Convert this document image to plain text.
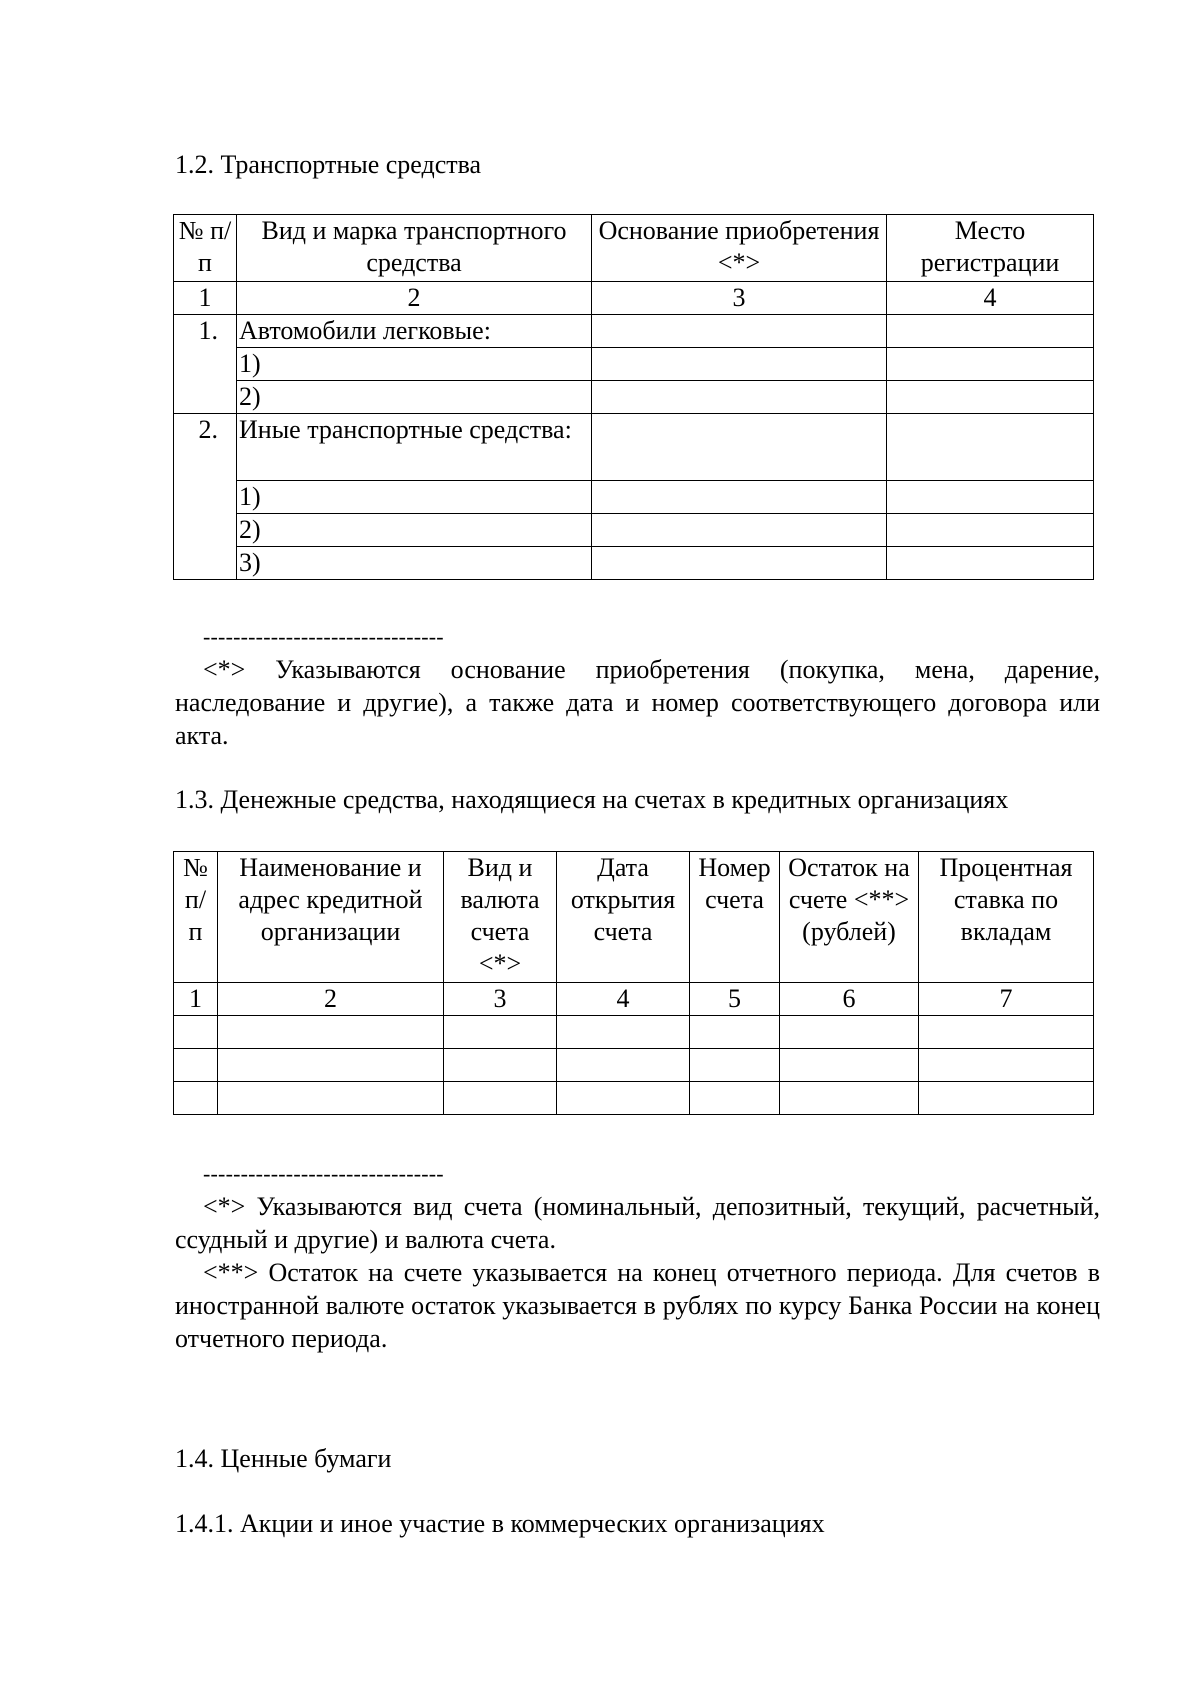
1.2. Транспортные средства
№ п/п	Вид и марка транспортного средства	Основание приобретения <*>	Место регистрации
1	2	3	4
1.	Автомобили легковые:		
	1)		
	2)		
2.	Иные транспортные средства:		
	1)		
	2)		
	3)		
--------------------------------
<*> Указываются основание приобретения (покупка, мена, дарение, наследование и другие), а также дата и номер соответствующего договора или акта.
1.3. Денежные средства, находящиеся на счетах в кредитных организациях
№ п/п	Наименование и адрес кредитной организации	Вид и валюта счета <*>	Дата открытия счета	Номер счета	Остаток на счете <**> (рублей)	Процентная ставка по вкладам
1	2	3	4	5	6	7

--------------------------------
<*> Указываются вид счета (номинальный, депозитный, текущий, расчетный, ссудный и другие) и валюта счета.
<**> Остаток на счете указывается на конец отчетного периода. Для счетов в иностранной валюте остаток указывается в рублях по курсу Банка России на конец отчетного периода.
1.4. Ценные бумаги
1.4.1. Акции и иное участие в коммерческих организациях
